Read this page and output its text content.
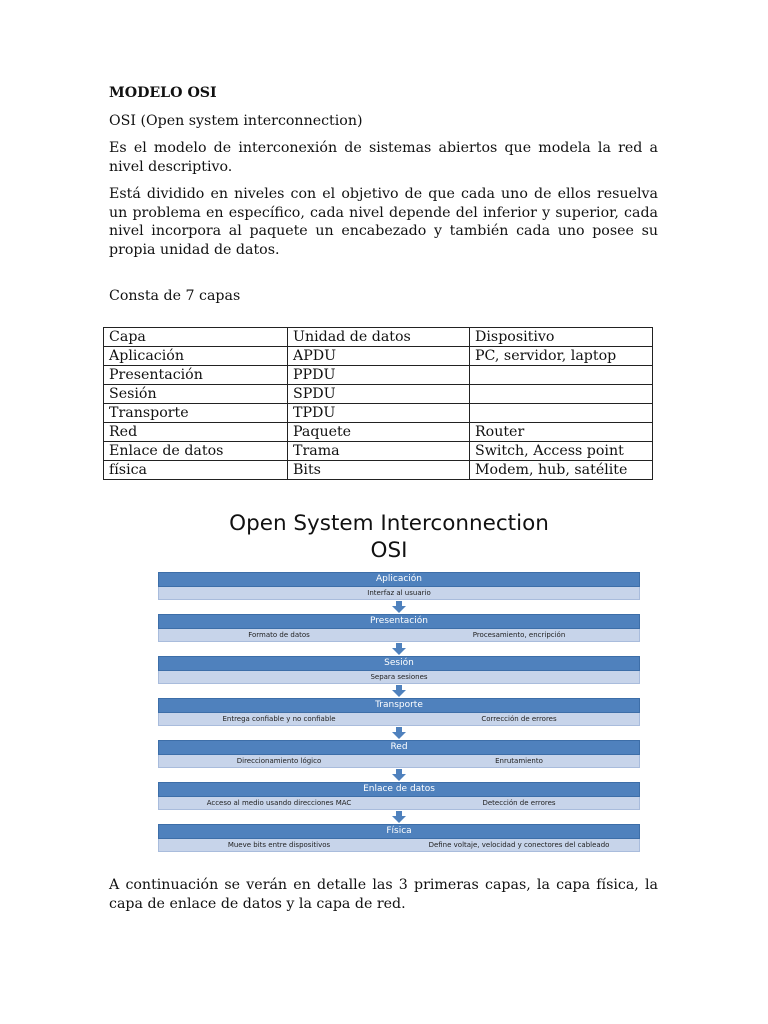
MODELO OSI
OSI (Open system interconnection)
Es el modelo de interconexión de sistemas abiertos que modela la red a nivel descriptivo.
Está dividido en niveles con el objetivo de que cada uno de ellos resuelva un problema en específico, cada nivel depende del inferior y superior, cada nivel incorpora al paquete un encabezado y también cada uno posee su propia unidad de datos.
Consta de 7 capas
Capa	Unidad de datos	Dispositivo
Aplicación	APDU	PC, servidor, laptop
Presentación	PPDU	
Sesión	SPDU	
Transporte	TPDU	
Red	Paquete	Router
Enlace de datos	Trama	Switch, Access point
física	Bits	Modem, hub, satélite
Open System Interconnection
OSI
Aplicación
Interfaz al usuario
Presentación
Formato de datos	Procesamiento, encripción
Sesión
Separa sesiones
Transporte
Entrega confiable y no confiable	Corrección de errores
Red
Direccionamiento lógico	Enrutamiento
Enlace de datos
Acceso al medio usando direcciones MAC	Detección de errores
Física
Mueve bits entre dispositivos	Define voltaje, velocidad y conectores del cableado
A continuación se verán en detalle las 3 primeras capas, la capa física, la capa de enlace de datos y la capa de red.
